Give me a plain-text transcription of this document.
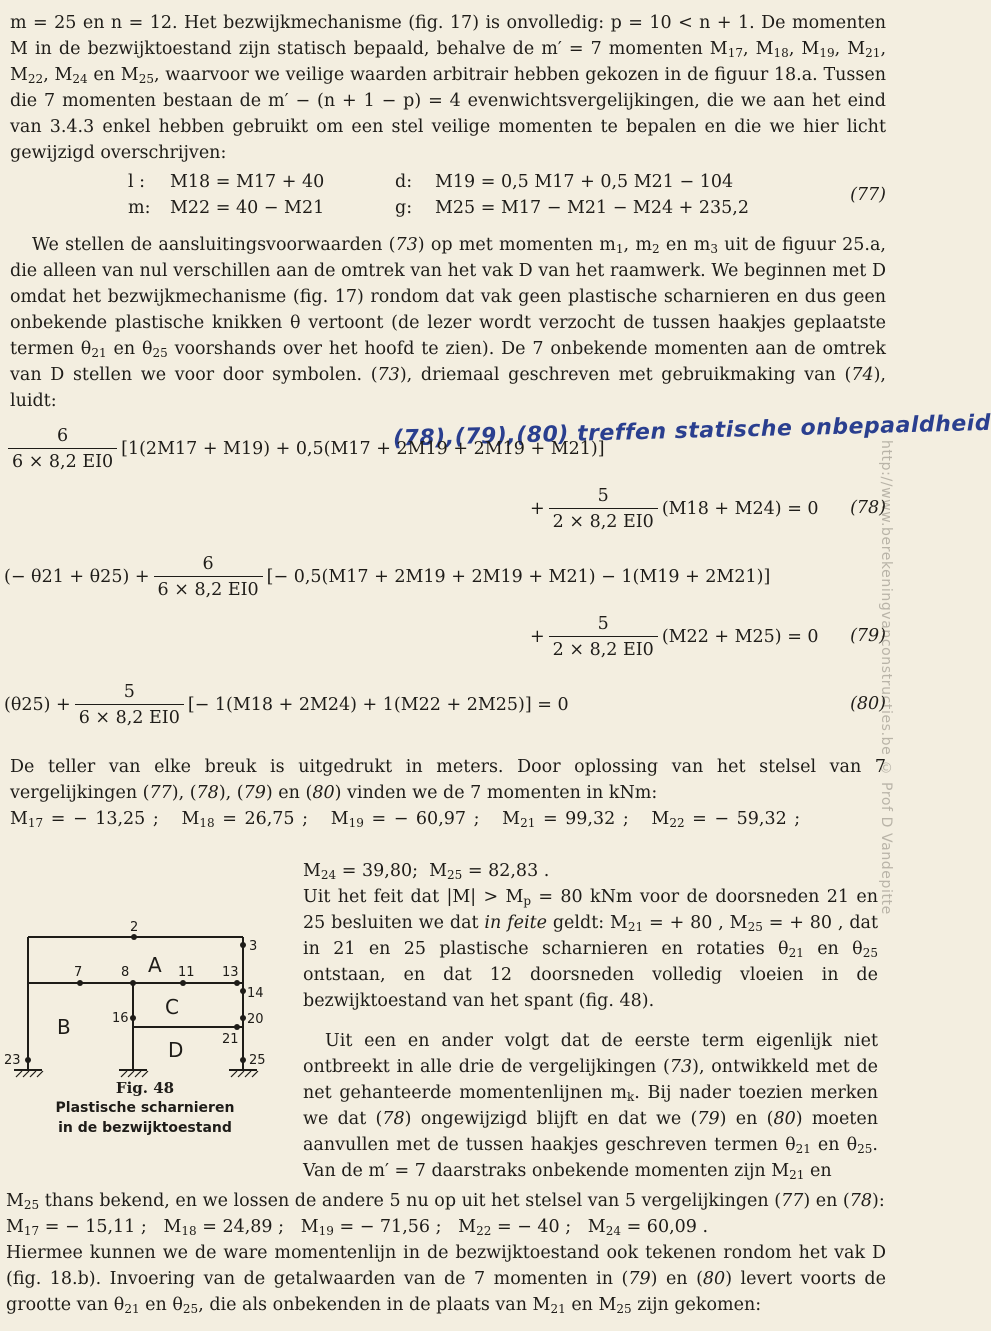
http://www.berekeningvanconstructies.be © Prof D Vandepitte

m = 25 en n = 12. Het bezwijkmechanisme (fig. 17) is onvolledig: p = 10 < n + 1. De momenten M in de bezwijktoestand zijn statisch bepaald, behalve de m′ = 7 momenten $M_{17}$, $M_{18}$, $M_{19}$, $M_{21}$, $M_{22}$, $M_{24}$ en $M_{25}$, waarvoor we veilige waarden arbitrair hebben gekozen in de figuur 18.a. Tussen die 7 momenten bestaan de m′ − (n + 1 − p) = 4 evenwichtsvergelijkingen, die we aan het eind van 3.4.3 enkel hebben gebruikt om een stel veilige momenten te bepalen en die we hier licht gewijzigd overschrijven:

l : M18 = M17 + 40	d: M19 = 0,5 M17 + 0,5 M21 − 104
m: M22 = 40 − M21	g: M25 = M17 − M21 − M24 + 235,2
(77)

We stellen de aansluitingsvoorwaarden (73) op met momenten $m_1$, $m_2$ en $m_3$ uit de figuur 25.a, die alleen van nul verschillen aan de omtrek van het vak D van het raamwerk. We beginnen met D omdat het bezwijkmechanisme (fig. 17) rondom dat vak geen plastische scharnieren en dus geen onbekende plastische knikken θ vertoont (de lezer wordt verzocht de tussen haakjes geplaatste termen $\theta_{21}$ en $\theta_{25}$ voorshands over het hoofd te zien). De 7 onbekende momenten aan de omtrek van D stellen we voor door symbolen. (73), driemaal geschreven met gebruikmaking van (74), luidt:

(78),(79),(80) treffen statische onbepaaldheid
$\frac{6}{6 \times 8,2 EI0} [1(2M17 + M19) + 0,5(M17 + 2M19 + 2M19 + M21)]$
+ $\frac{5}{2 \times 8,2 EI0} (M18 + M24) = 0$ (78)
(− $\theta 21 + \theta 25) + \frac{6}{6 \times 8,2 EI0}$ [− 0,5(M17 + 2M19 + 2M19 + M21) − 1(M19 + 2M21)]
+ $\frac{5}{2 \times 8,2 EI0} (M22 + M25) = 0$ (79)
$(\theta 25) + \frac{5}{6 \times 8,2 EI0}$ [− 1(M18 + 2M24) + 1(M22 + 2M25)] = 0	(80)

De teller van elke breuk is uitgedrukt in meters. Door oplossing van het stelsel van 7 vergelijkingen (77), (78), (79) en (80) vinden we de 7 momenten in kNm:

$M_{17}$ = − 13,25 ;   $M_{18} = 26,75$ ;   $M_{19}$ = − 60,97 ;   $M_{21} = 99,32$ ;   $M_{22}$ = − 59,32 ;

$M_{24} = 39,80$;  $M_{25} = 82,83$ .

Uit het feit dat $|M| > M_p = 80$ kNm voor de doorsneden 21 en 25 besluiten we dat in feite geldt: $M_{21}$ = + 80 , $M_{25}$ = + 80 , dat in 21 en 25 plastische scharnieren en rotaties $\theta_{21}$ en $\theta_{25}$ ontstaan, en dat 12 doorsneden volledig vloeien in de bezwijktoestand van het spant (fig. 48).

Uit een en ander volgt dat de eerste term eigenlijk niet ontbreekt in alle drie de vergelijkingen (73), ontwikkeld met de net gehanteerde momentenlijnen $m_k$. Bij nader toezien merken we dat (78) ongewijzigd blijft en dat we (79) en (80) moeten aanvullen met de tussen haakjes geschreven termen $\theta_{21}$ en $\theta_{25}$. Van de m′ = 7 daarstraks onbekende momenten zijn $M_{21}$ en

2
3
7	8	11 13
14
16	20
21
23	25
A
B
C
D
Fig. 48
Plastische scharnieren
in de bezwijktoestand

$M_{25}$ thans bekend, en we lossen de andere 5 nu op uit het stelsel van 5 vergelijkingen (77) en (78):

$M_{17}$ = − 15,11 ;   $M_{18} = 24,89$ ;   $M_{19}$ = − 71,56 ;   $M_{22}$ = − 40 ;   $M_{24} = 60,09$ .

Hiermee kunnen we de ware momentenlijn in de bezwijktoestand ook tekenen rondom het vak D (fig. 18.b). Invoering van de getalwaarden van de 7 momenten in (79) en (80) levert voorts de grootte van $\theta_{21}$ en $\theta_{25}$, die als onbekenden in de plaats van $M_{21}$ en $M_{25}$ zijn gekomen:
